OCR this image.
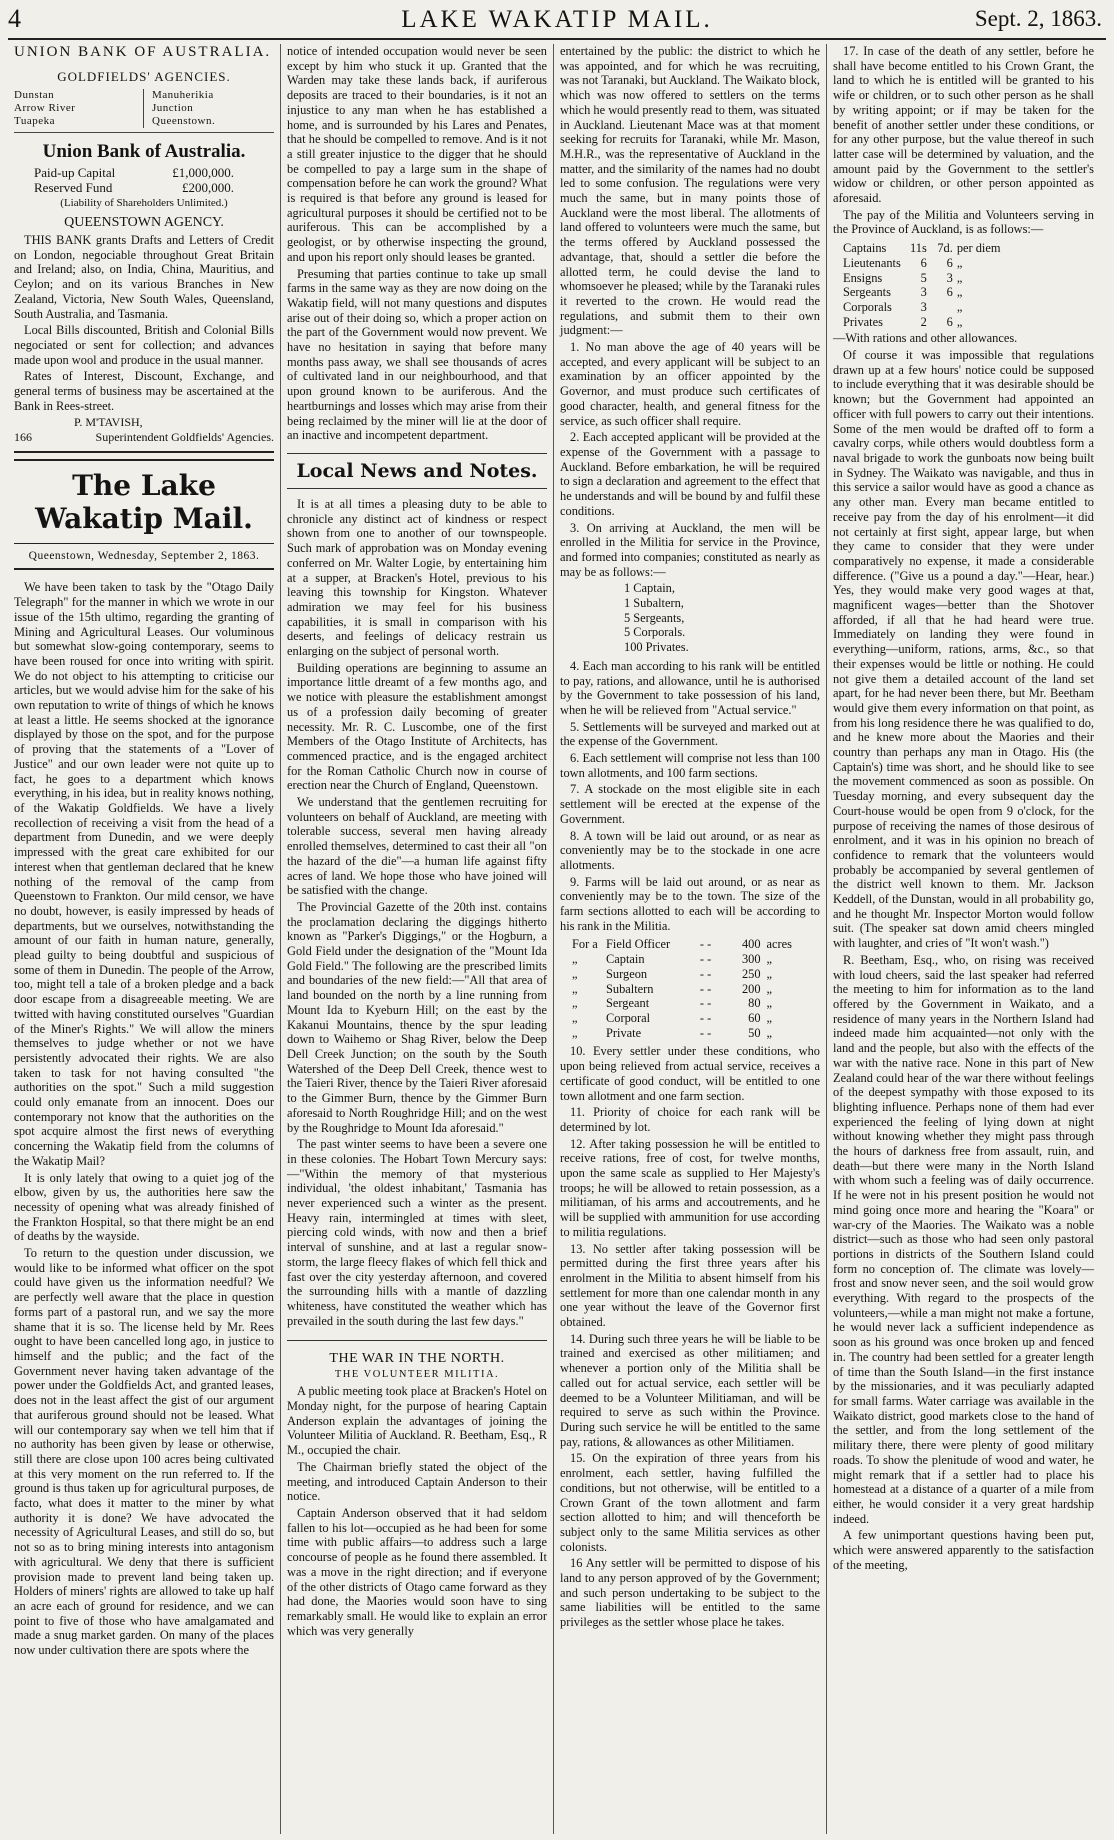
4	LAKE WAKATIP MAIL.	Sept. 2, 1863.
UNION BANK OF AUSTRALIA.
GOLDFIELDS' AGENCIES.
Dunstan	Manuherikia
Arrow River	Junction
Tuapeka	Queenstown.
Union Bank of Australia.
Paid-up Capital	£1,000,000.
Reserved Fund	£200,000.
(Liability of Shareholders Unlimited.)
QUEENSTOWN AGENCY.

THIS BANK grants Drafts and Letters of Credit on London, negociable throughout Great Britain and Ireland; also, on India, China, Mauritius, and Ceylon; and on its various Branches in New Zealand, Victoria, New South Wales, Queensland, South Australia, and Tasmania.

Local Bills discounted, British and Colonial Bills negociated or sent for collection; and advances made upon wool and produce in the usual manner.

Rates of Interest, Discount, Exchange, and general terms of business may be ascertained at the Bank in Rees-street.

P. M'TAVISH,
166	Superintendent Goldfields' Agencies.
The Lake Wakatip Mail.
Queenstown, Wednesday, September 2, 1863.

We have been taken to task by the "Otago Daily Telegraph" for the manner in which we wrote in our issue of the 15th ultimo, regarding the granting of Mining and Agricultural Leases. Our voluminous but somewhat slow-going contemporary, seems to have been roused for once into writing with spirit. We do not object to his attempting to criticise our articles, but we would advise him for the sake of his own reputation to write of things of which he knows at least a little. He seems shocked at the ignorance displayed by those on the spot, and for the purpose of proving that the statements of a "Lover of Justice" and our own leader were not quite up to fact, he goes to a department which knows everything, in his idea, but in reality knows nothing, of the Wakatip Goldfields. We have a lively recollection of receiving a visit from the head of a department from Dunedin, and we were deeply impressed with the great care exhibited for our interest when that gentleman declared that he knew nothing of the removal of the camp from Queenstown to Frankton. Our mild censor, we have no doubt, however, is easily impressed by heads of departments, but we ourselves, notwithstanding the amount of our faith in human nature, generally, plead guilty to being doubtful and suspicious of some of them in Dunedin. The people of the Arrow, too, might tell a tale of a broken pledge and a back door escape from a disagreeable meeting. We are twitted with having constituted ourselves "Guardian of the Miner's Rights." We will allow the miners themselves to judge whether or not we have persistently advocated their rights. We are also taken to task for not having consulted "the authorities on the spot." Such a mild suggestion could only emanate from an innocent. Does our contemporary not know that the authorities on the spot acquire almost the first news of everything concerning the Wakatip field from the columns of the Wakatip Mail?

It is only lately that owing to a quiet jog of the elbow, given by us, the authorities here saw the necessity of opening what was already finished of the Frankton Hospital, so that there might be an end of deaths by the wayside.

To return to the question under discussion, we would like to be informed what officer on the spot could have given us the information needful? We are perfectly well aware that the place in question forms part of a pastoral run, and we say the more shame that it is so. The license held by Mr. Rees ought to have been cancelled long ago, in justice to himself and the public; and the fact of the Government never having taken advantage of the power under the Goldfields Act, and granted leases, does not in the least affect the gist of our argument that auriferous ground should not be leased. What will our contemporary say when we tell him that if no authority has been given by lease or otherwise, still there are close upon 100 acres being cultivated at this very moment on the run referred to. If the ground is thus taken up for agricultural purposes, de facto, what does it matter to the miner by what authority it is done? We have advocated the necessity of Agricultural Leases, and still do so, but not so as to bring mining interests into antagonism with agricultural. We deny that there is sufficient provision made to prevent land being taken up. Holders of miners' rights are allowed to take up half an acre each of ground for residence, and we can point to five of those who have amalgamated and made a snug market garden. On many of the places now under cultivation there are spots where the

notice of intended occupation would never be seen except by him who stuck it up. Granted that the Warden may take these lands back, if auriferous deposits are traced to their boundaries, is it not an injustice to any man when he has established a home, and is surrounded by his Lares and Penates, that he should be compelled to remove. And is it not a still greater injustice to the digger that he should be compelled to pay a large sum in the shape of compensation before he can work the ground? What is required is that before any ground is leased for agricultural purposes it should be certified not to be auriferous. This can be accomplished by a geologist, or by otherwise inspecting the ground, and upon his report only should leases be granted.

Presuming that parties continue to take up small farms in the same way as they are now doing on the Wakatip field, will not many questions and disputes arise out of their doing so, which a proper action on the part of the Government would now prevent. We have no hesitation in saying that before many months pass away, we shall see thousands of acres of cultivated land in our neighbourhood, and that upon ground known to be auriferous. And the heartburnings and losses which may arise from their being reclaimed by the miner will lie at the door of an inactive and incompetent department.

Local News and Notes.

It is at all times a pleasing duty to be able to chronicle any distinct act of kindness or respect shown from one to another of our townspeople. Such mark of approbation was on Monday evening conferred on Mr. Walter Logie, by entertaining him at a supper, at Bracken's Hotel, previous to his leaving this township for Kingston. Whatever admiration we may feel for his business capabilities, it is small in comparison with his deserts, and feelings of delicacy restrain us enlarging on the subject of personal worth.

Building operations are beginning to assume an importance little dreamt of a few months ago, and we notice with pleasure the establishment amongst us of a profession daily becoming of greater necessity. Mr. R. C. Luscombe, one of the first Members of the Otago Institute of Architects, has commenced practice, and is the engaged architect for the Roman Catholic Church now in course of erection near the Church of England, Queenstown.

We understand that the gentlemen recruiting for volunteers on behalf of Auckland, are meeting with tolerable success, several men having already enrolled themselves, determined to cast their all "on the hazard of the die"—a human life against fifty acres of land. We hope those who have joined will be satisfied with the change.

The Provincial Gazette of the 20th inst. contains the proclamation declaring the diggings hitherto known as "Parker's Diggings," or the Hogburn, a Gold Field under the designation of the "Mount Ida Gold Field." The following are the prescribed limits and boundaries of the new field:—"All that area of land bounded on the north by a line running from Mount Ida to Kyeburn Hill; on the east by the Kakanui Mountains, thence by the spur leading down to Waihemo or Shag River, below the Deep Dell Creek Junction; on the south by the South Watershed of the Deep Dell Creek, thence west to the Taieri River, thence by the Taieri River aforesaid to the Gimmer Burn, thence by the Gimmer Burn aforesaid to North Roughridge Hill; and on the west by the Roughridge to Mount Ida aforesaid."

The past winter seems to have been a severe one in these colonies. The Hobart Town Mercury says:—"Within the memory of that mysterious individual, 'the oldest inhabitant,' Tasmania has never experienced such a winter as the present. Heavy rain, intermingled at times with sleet, piercing cold winds, with now and then a brief interval of sunshine, and at last a regular snow-storm, the large fleecy flakes of which fell thick and fast over the city yesterday afternoon, and covered the surrounding hills with a mantle of dazzling whiteness, have constituted the weather which has prevailed in the south during the last few days."

THE WAR IN THE NORTH.
THE VOLUNTEER MILITIA.

A public meeting took place at Bracken's Hotel on Monday night, for the purpose of hearing Captain Anderson explain the advantages of joining the Volunteer Militia of Auckland. R. Beetham, Esq., R M., occupied the chair.

The Chairman briefly stated the object of the meeting, and introduced Captain Anderson to their notice.

Captain Anderson observed that it had seldom fallen to his lot—occupied as he had been for some time with public affairs—to address such a large concourse of people as he found there assembled. It was a move in the right direction; and if everyone of the other districts of Otago came forward as they had done, the Maories would soon have to sing remarkably small. He would like to explain an error which was very generally

entertained by the public: the district to which he was appointed, and for which he was recruiting, was not Taranaki, but Auckland. The Waikato block, which was now offered to settlers on the terms which he would presently read to them, was situated in Auckland. Lieutenant Mace was at that moment seeking for recruits for Taranaki, while Mr. Mason, M.H.R., was the representative of Auckland in the matter, and the similarity of the names had no doubt led to some confusion. The regulations were very much the same, but in many points those of Auckland were the most liberal. The allotments of land offered to volunteers were much the same, but the terms offered by Auckland possessed the advantage, that, should a settler die before the allotted term, he could devise the land to whomsoever he pleased; while by the Taranaki rules it reverted to the crown. He would read the regulations, and submit them to their own judgment:—

1. No man above the age of 40 years will be accepted, and every applicant will be subject to an examination by an officer appointed by the Governor, and must produce such certificates of good character, health, and general fitness for the service, as such officer shall require.

2. Each accepted applicant will be provided at the expense of the Government with a passage to Auckland. Before embarkation, he will be required to sign a declaration and agreement to the effect that he understands and will be bound by and fulfil these conditions.

3. On arriving at Auckland, the men will be enrolled in the Militia for service in the Province, and formed into companies; constituted as nearly as may be as follows:—

1 Captain,
1 Subaltern,
5 Sergeants,
5 Corporals.
100 Privates.

4. Each man according to his rank will be entitled to pay, rations, and allowance, until he is authorised by the Government to take possession of his land, when he will be relieved from "Actual service."

5. Settlements will be surveyed and marked out at the expense of the Government.

6. Each settlement will comprise not less than 100 town allotments, and 100 farm sections.

7. A stockade on the most eligible site in each settlement will be erected at the expense of the Government.

8. A town will be laid out around, or as near as conveniently may be to the stockade in one acre allotments.

9. Farms will be laid out around, or as near as conveniently may be to the town. The size of the farm sections allotted to each will be according to his rank in the Militia.

For a	Field Officer	- -	400	acres
„	Captain	- -	300	„
„	Surgeon	- -	250	„
„	Subaltern	- -	200	„
„	Sergeant	- -	80	„
„	Corporal	- -	60	„
„	Private	- -	50	„

10. Every settler under these conditions, who upon being relieved from actual service, receives a certificate of good conduct, will be entitled to one town allotment and one farm section.

11. Priority of choice for each rank will be determined by lot.

12. After taking possession he will be entitled to receive rations, free of cost, for twelve months, upon the same scale as supplied to Her Majesty's troops; he will be allowed to retain possession, as a militiaman, of his arms and accoutrements, and he will be supplied with ammunition for use according to militia regulations.

13. No settler after taking possession will be permitted during the first three years after his enrolment in the Militia to absent himself from his settlement for more than one calendar month in any one year without the leave of the Governor first obtained.

14. During such three years he will be liable to be trained and exercised as other militiamen; and whenever a portion only of the Militia shall be called out for actual service, each settler will be deemed to be a Volunteer Militiaman, and will be required to serve as such within the Province. During such service he will be entitled to the same pay, rations, & allowances as other Militiamen.

15. On the expiration of three years from his enrolment, each settler, having fulfilled the conditions, but not otherwise, will be entitled to a Crown Grant of the town allotment and farm section allotted to him; and will thenceforth be subject only to the same Militia services as other colonists.

16 Any settler will be permitted to dispose of his land to any person approved of by the Government; and such person undertaking to be subject to the same liabilities will be entitled to the same privileges as the settler whose place he takes.

17. In case of the death of any settler, before he shall have become entitled to his Crown Grant, the land to which he is entitled will be granted to his wife or children, or to such other person as he shall by writing appoint; or if may be taken for the benefit of another settler under these conditions, or for any other purpose, but the value thereof in such latter case will be determined by valuation, and the amount paid by the Government to the settler's widow or children, or other person appointed as aforesaid.

The pay of the Militia and Volunteers serving in the Province of Auckland, is as follows:—

Captains	11s	7d.	per diem
Lieutenants	6	6	„
Ensigns	5	3	„
Sergeants	3	6	„
Corporals	3		„
Privates	2	6	„

—With rations and other allowances.

Of course it was impossible that regulations drawn up at a few hours' notice could be supposed to include everything that it was desirable should be known; but the Government had appointed an officer with full powers to carry out their intentions. Some of the men would be drafted off to form a cavalry corps, while others would doubtless form a naval brigade to work the gunboats now being built in Sydney. The Waikato was navigable, and thus in this service a sailor would have as good a chance as any other man. Every man became entitled to receive pay from the day of his enrolment—it did not certainly at first sight, appear large, but when they came to consider that they were under comparatively no expense, it made a considerable difference. ("Give us a pound a day."—Hear, hear.) Yes, they would make very good wages at that, magnificent wages—better than the Shotover afforded, if all that he had heard were true. Immediately on landing they were found in everything—uniform, rations, arms, &c., so that their expenses would be little or nothing. He could not give them a detailed account of the land set apart, for he had never been there, but Mr. Beetham would give them every information on that point, as from his long residence there he was qualified to do, and he knew more about the Maories and their country than perhaps any man in Otago. His (the Captain's) time was short, and he should like to see the movement commenced as soon as possible. On Tuesday morning, and every subsequent day the Court-house would be open from 9 o'clock, for the purpose of receiving the names of those desirous of enrolment, and it was in his opinion no breach of confidence to remark that the volunteers would probably be accompanied by several gentlemen of the district well known to them. Mr. Jackson Keddell, of the Dunstan, would in all probability go, and he thought Mr. Inspector Morton would follow suit. (The speaker sat down amid cheers mingled with laughter, and cries of "It won't wash.")

R. Beetham, Esq., who, on rising was received with loud cheers, said the last speaker had referred the meeting to him for information as to the land offered by the Government in Waikato, and a residence of many years in the Northern Island had indeed made him acquainted—not only with the land and the people, but also with the effects of the war with the native race. None in this part of New Zealand could hear of the war there without feelings of the deepest sympathy with those exposed to its blighting influence. Perhaps none of them had ever experienced the feeling of lying down at night without knowing whether they might pass through the hours of darkness free from assault, ruin, and death—but there were many in the North Island with whom such a feeling was of daily occurrence. If he were not in his present position he would not mind going once more and hearing the "Koara" or war-cry of the Maories. The Waikato was a noble district—such as those who had seen only pastoral portions in districts of the Southern Island could form no conception of. The climate was lovely—frost and snow never seen, and the soil would grow everything. With regard to the prospects of the volunteers,—while a man might not make a fortune, he would never lack a sufficient independence as soon as his ground was once broken up and fenced in. The country had been settled for a greater length of time than the South Island—in the first instance by the missionaries, and it was peculiarly adapted for small farms. Water carriage was available in the Waikato district, good markets close to the hand of the settler, and from the long settlement of the military there, there were plenty of good military roads. To show the plenitude of wood and water, he might remark that if a settler had to place his homestead at a distance of a quarter of a mile from either, he would consider it a very great hardship indeed.

A few unimportant questions having been put, which were answered apparently to the satisfaction of the meeting,
